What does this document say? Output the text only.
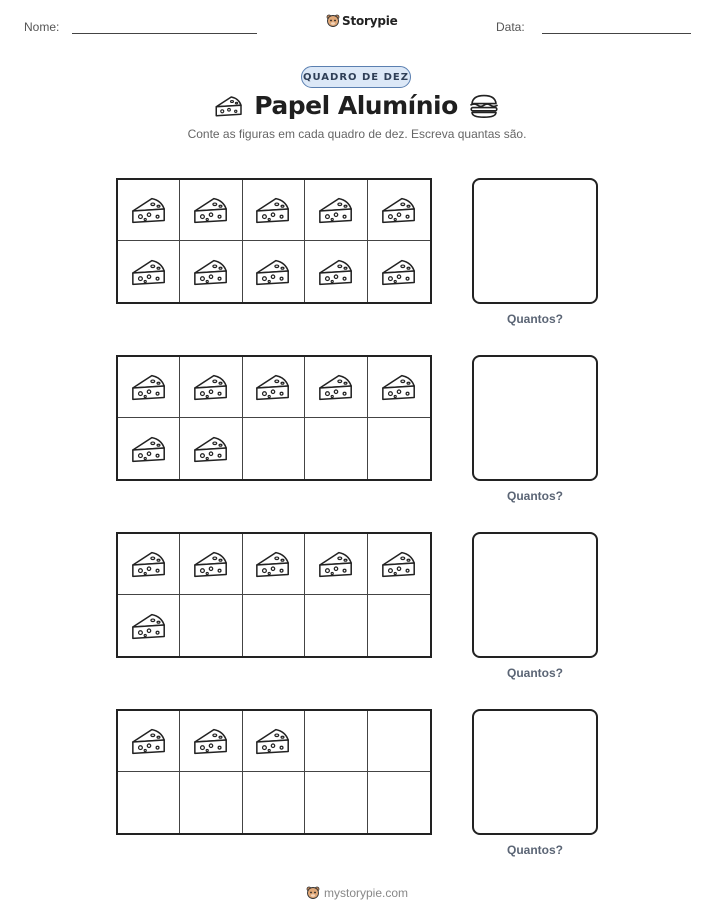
Nome:	Storypie	Data:
QUADRO DE DEZ
Papel Alumínio
Conte as figuras em cada quadro de dez. Escreva quantas são.
Quantos?
Quantos?
Quantos?
Quantos?
mystorypie.com
